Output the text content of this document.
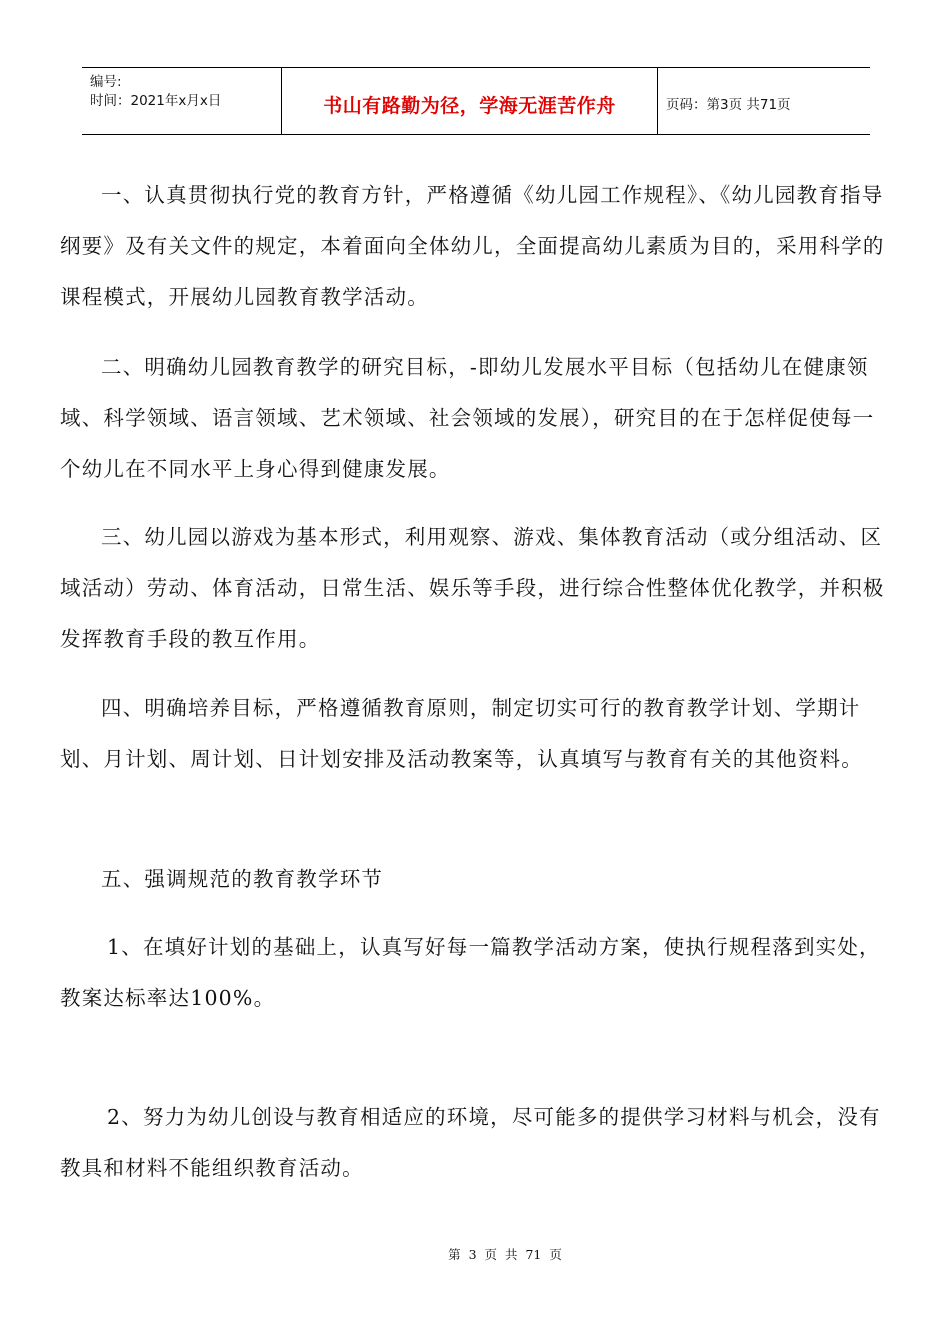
编号:
时间：2021年x月x日	书山有路勤为径，学海无涯苦作舟	页码：第3页 共71页

一、认真贯彻执行党的教育方针，严格遵循《幼儿园工作规程》、《幼儿园教育指导纲要》及有关文件的规定，本着面向全体幼儿，全面提高幼儿素质为目的，采用科学的课程模式，开展幼儿园教育教学活动。

二、明确幼儿园教育教学的研究目标，-即幼儿发展水平目标（包括幼儿在健康领域、科学领域、语言领域、艺术领域、社会领域的发展），研究目的在于怎样促使每一个幼儿在不同水平上身心得到健康发展。

三、幼儿园以游戏为基本形式，利用观察、游戏、集体教育活动（或分组活动、区域活动）劳动、体育活动，日常生活、娱乐等手段，进行综合性整体优化教学，并积极发挥教育手段的教互作用。

四、明确培养目标，严格遵循教育原则，制定切实可行的教育教学计划、学期计划、月计划、周计划、日计划安排及活动教案等，认真填写与教育有关的其他资料。

五、强调规范的教育教学环节

1、在填好计划的基础上，认真写好每一篇教学活动方案，使执行规程落到实处，教案达标率达100%。

2、努力为幼儿创设与教育相适应的环境，尽可能多的提供学习材料与机会，没有教具和材料不能组织教育活动。

第 3 页 共 71 页
